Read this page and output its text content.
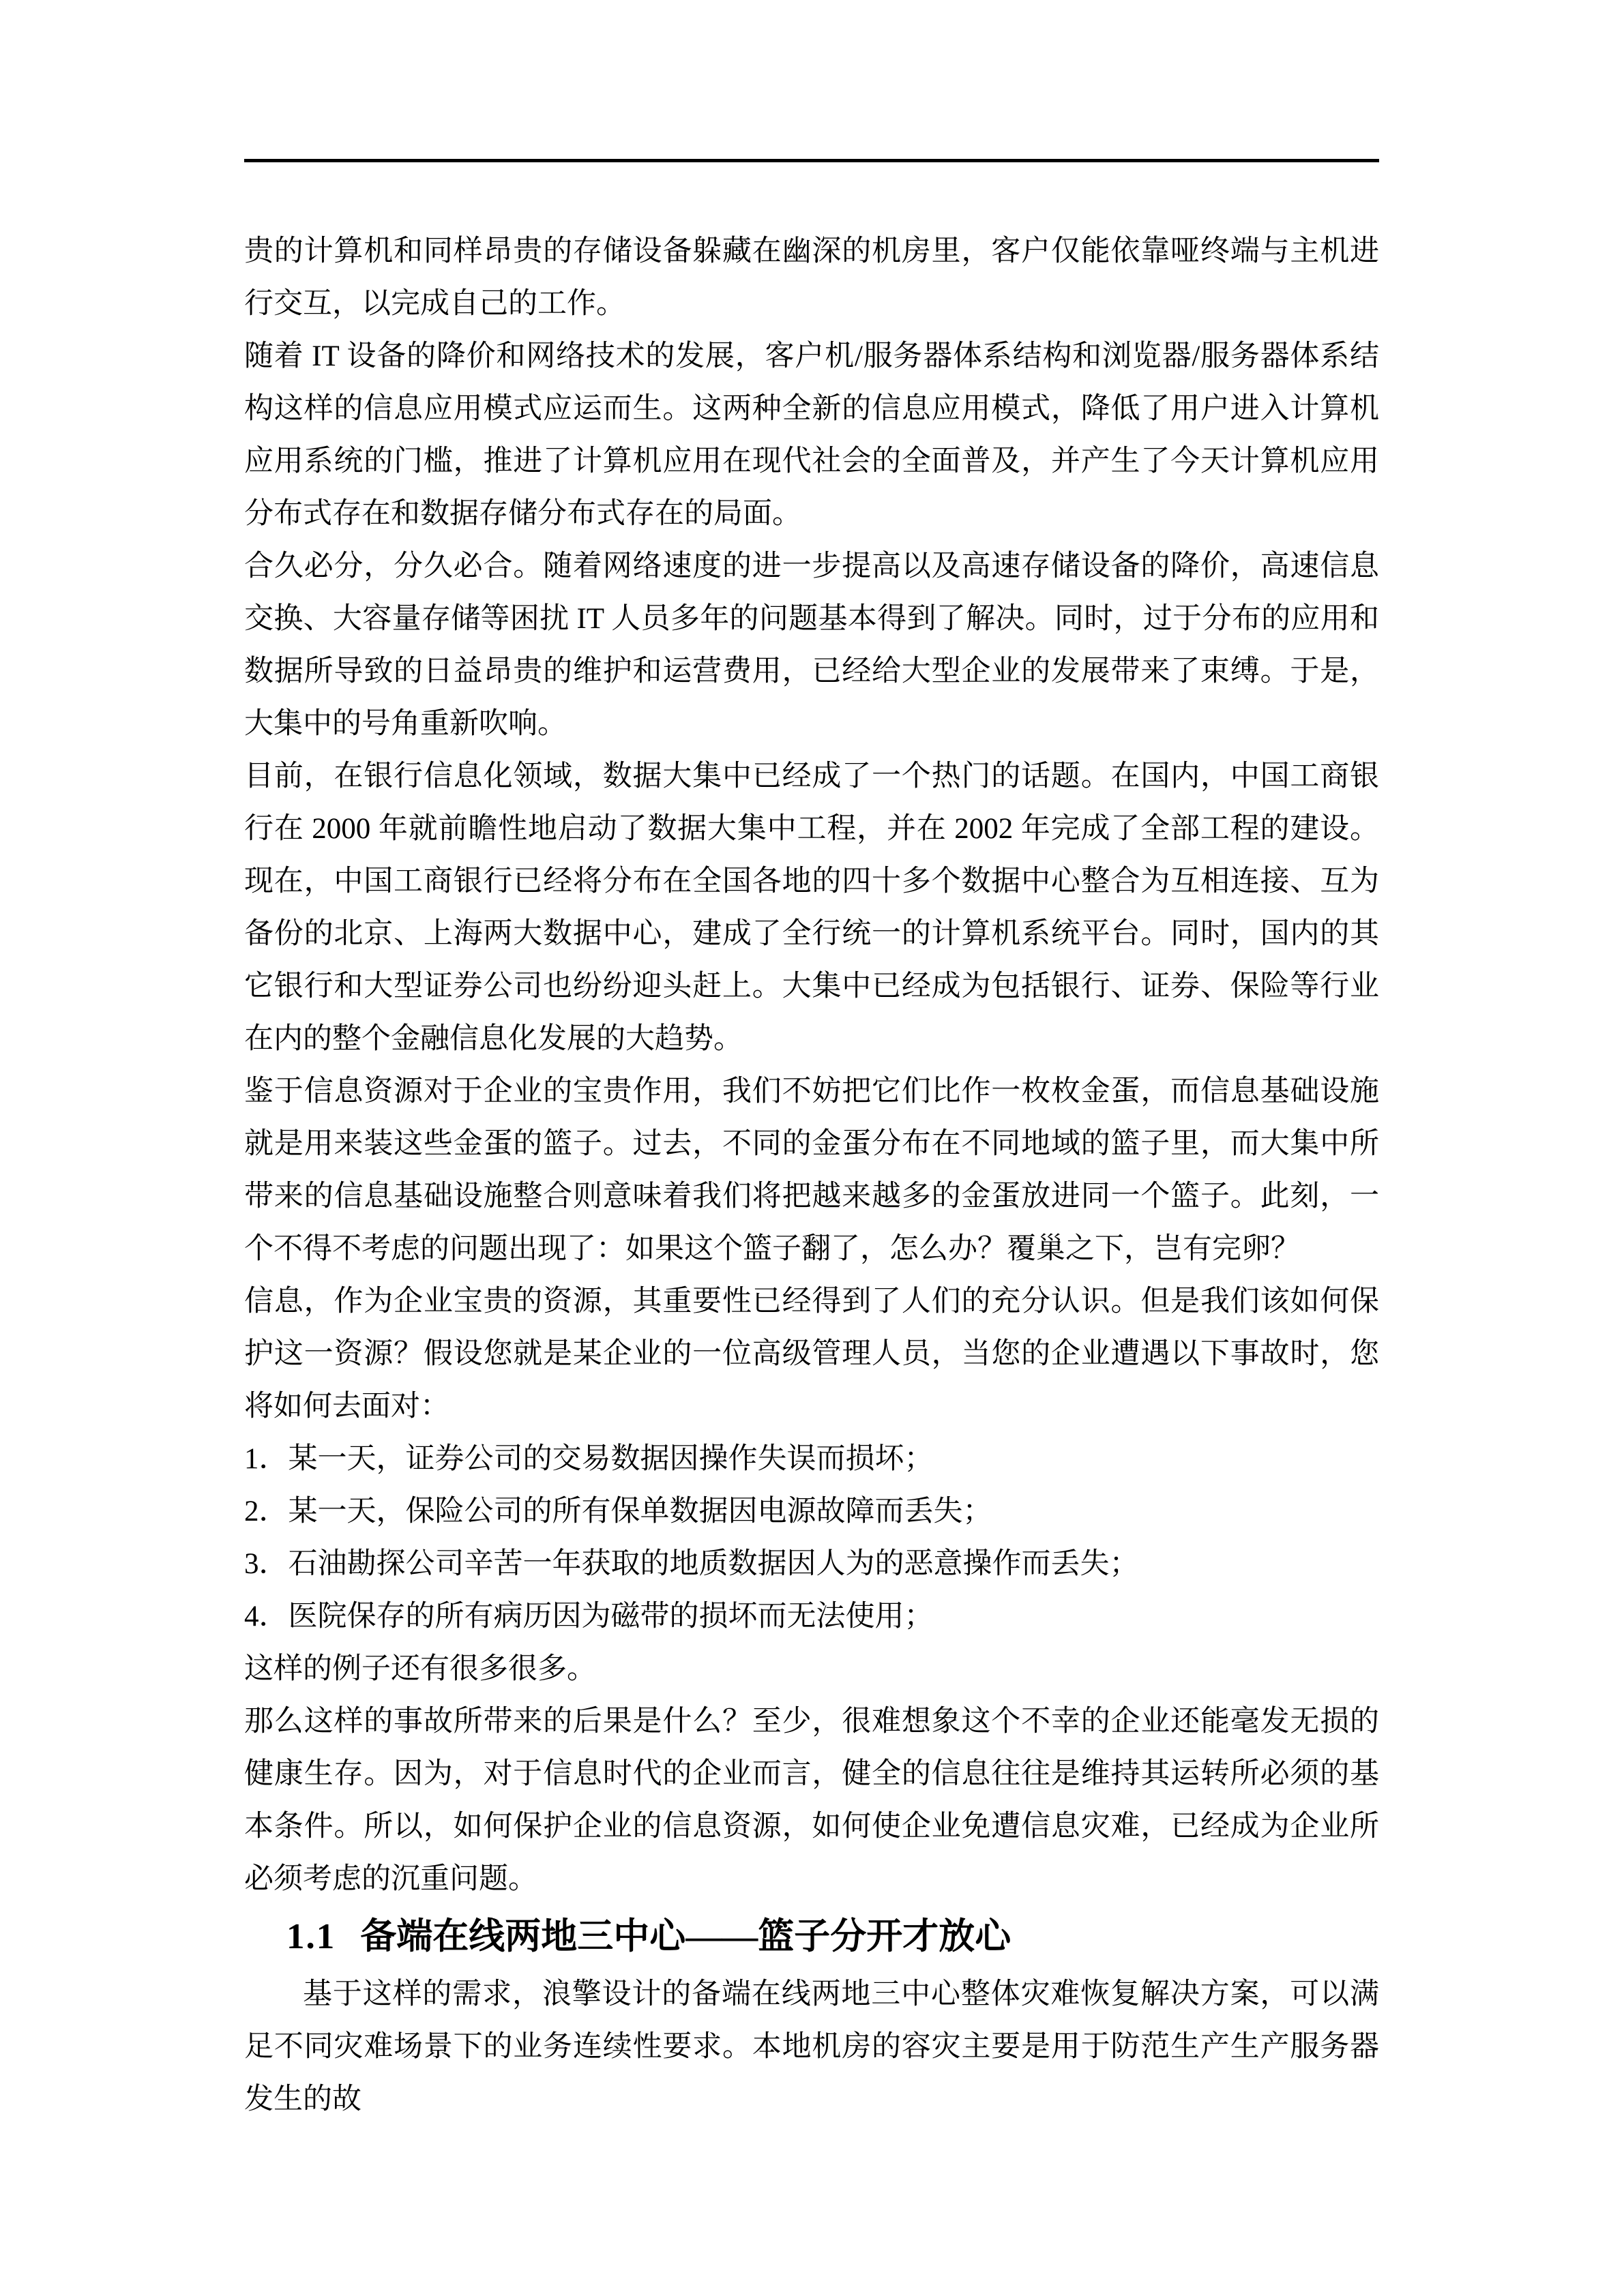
贵的计算机和同样昂贵的存储设备躲藏在幽深的机房里，客户仅能依靠哑终端与主机进行交互，以完成自己的工作。

随着 IT 设备的降价和网络技术的发展，客户机/服务器体系结构和浏览器/服务器体系结构这样的信息应用模式应运而生。这两种全新的信息应用模式，降低了用户进入计算机应用系统的门槛，推进了计算机应用在现代社会的全面普及，并产生了今天计算机应用分布式存在和数据存储分布式存在的局面。

合久必分，分久必合。随着网络速度的进一步提高以及高速存储设备的降价，高速信息交换、大容量存储等困扰 IT 人员多年的问题基本得到了解决。同时，过于分布的应用和数据所导致的日益昂贵的维护和运营费用，已经给大型企业的发展带来了束缚。于是，大集中的号角重新吹响。

目前，在银行信息化领域，数据大集中已经成了一个热门的话题。在国内，中国工商银行在 2000 年就前瞻性地启动了数据大集中工程，并在 2002 年完成了全部工程的建设。现在，中国工商银行已经将分布在全国各地的四十多个数据中心整合为互相连接、互为备份的北京、上海两大数据中心，建成了全行统一的计算机系统平台。同时，国内的其它银行和大型证券公司也纷纷迎头赶上。大集中已经成为包括银行、证券、保险等行业在内的整个金融信息化发展的大趋势。

鉴于信息资源对于企业的宝贵作用，我们不妨把它们比作一枚枚金蛋，而信息基础设施就是用来装这些金蛋的篮子。过去，不同的金蛋分布在不同地域的篮子里，而大集中所带来的信息基础设施整合则意味着我们将把越来越多的金蛋放进同一个篮子。此刻，一个不得不考虑的问题出现了：如果这个篮子翻了，怎么办？覆巢之下，岂有完卵？

信息，作为企业宝贵的资源，其重要性已经得到了人们的充分认识。但是我们该如何保 护这一资源？假设您就是某企业的一位高级管理人员，当您的企业遭遇以下事故时，您将如何去面对：

1．某一天，证券公司的交易数据因操作失误而损坏；

2．某一天，保险公司的所有保单数据因电源故障而丢失；

3．石油勘探公司辛苦一年获取的地质数据因人为的恶意操作而丢失；

4．医院保存的所有病历因为磁带的损坏而无法使用；

这样的例子还有很多很多。

那么这样的事故所带来的后果是什么？至少，很难想象这个不幸的企业还能毫发无损的健康生存。因为，对于信息时代的企业而言，健全的信息往往是维持其运转所必须的基本条件。所以，如何保护企业的信息资源，如何使企业免遭信息灾难，已经成为企业所必须考虑的沉重问题。

1.1 备端在线两地三中心——篮子分开才放心

基于这样的需求，浪擎设计的备端在线两地三中心整体灾难恢复解决方案，可以满足不同灾难场景下的业务连续性要求。本地机房的容灾主要是用于防范生产生产服务器发生的故
